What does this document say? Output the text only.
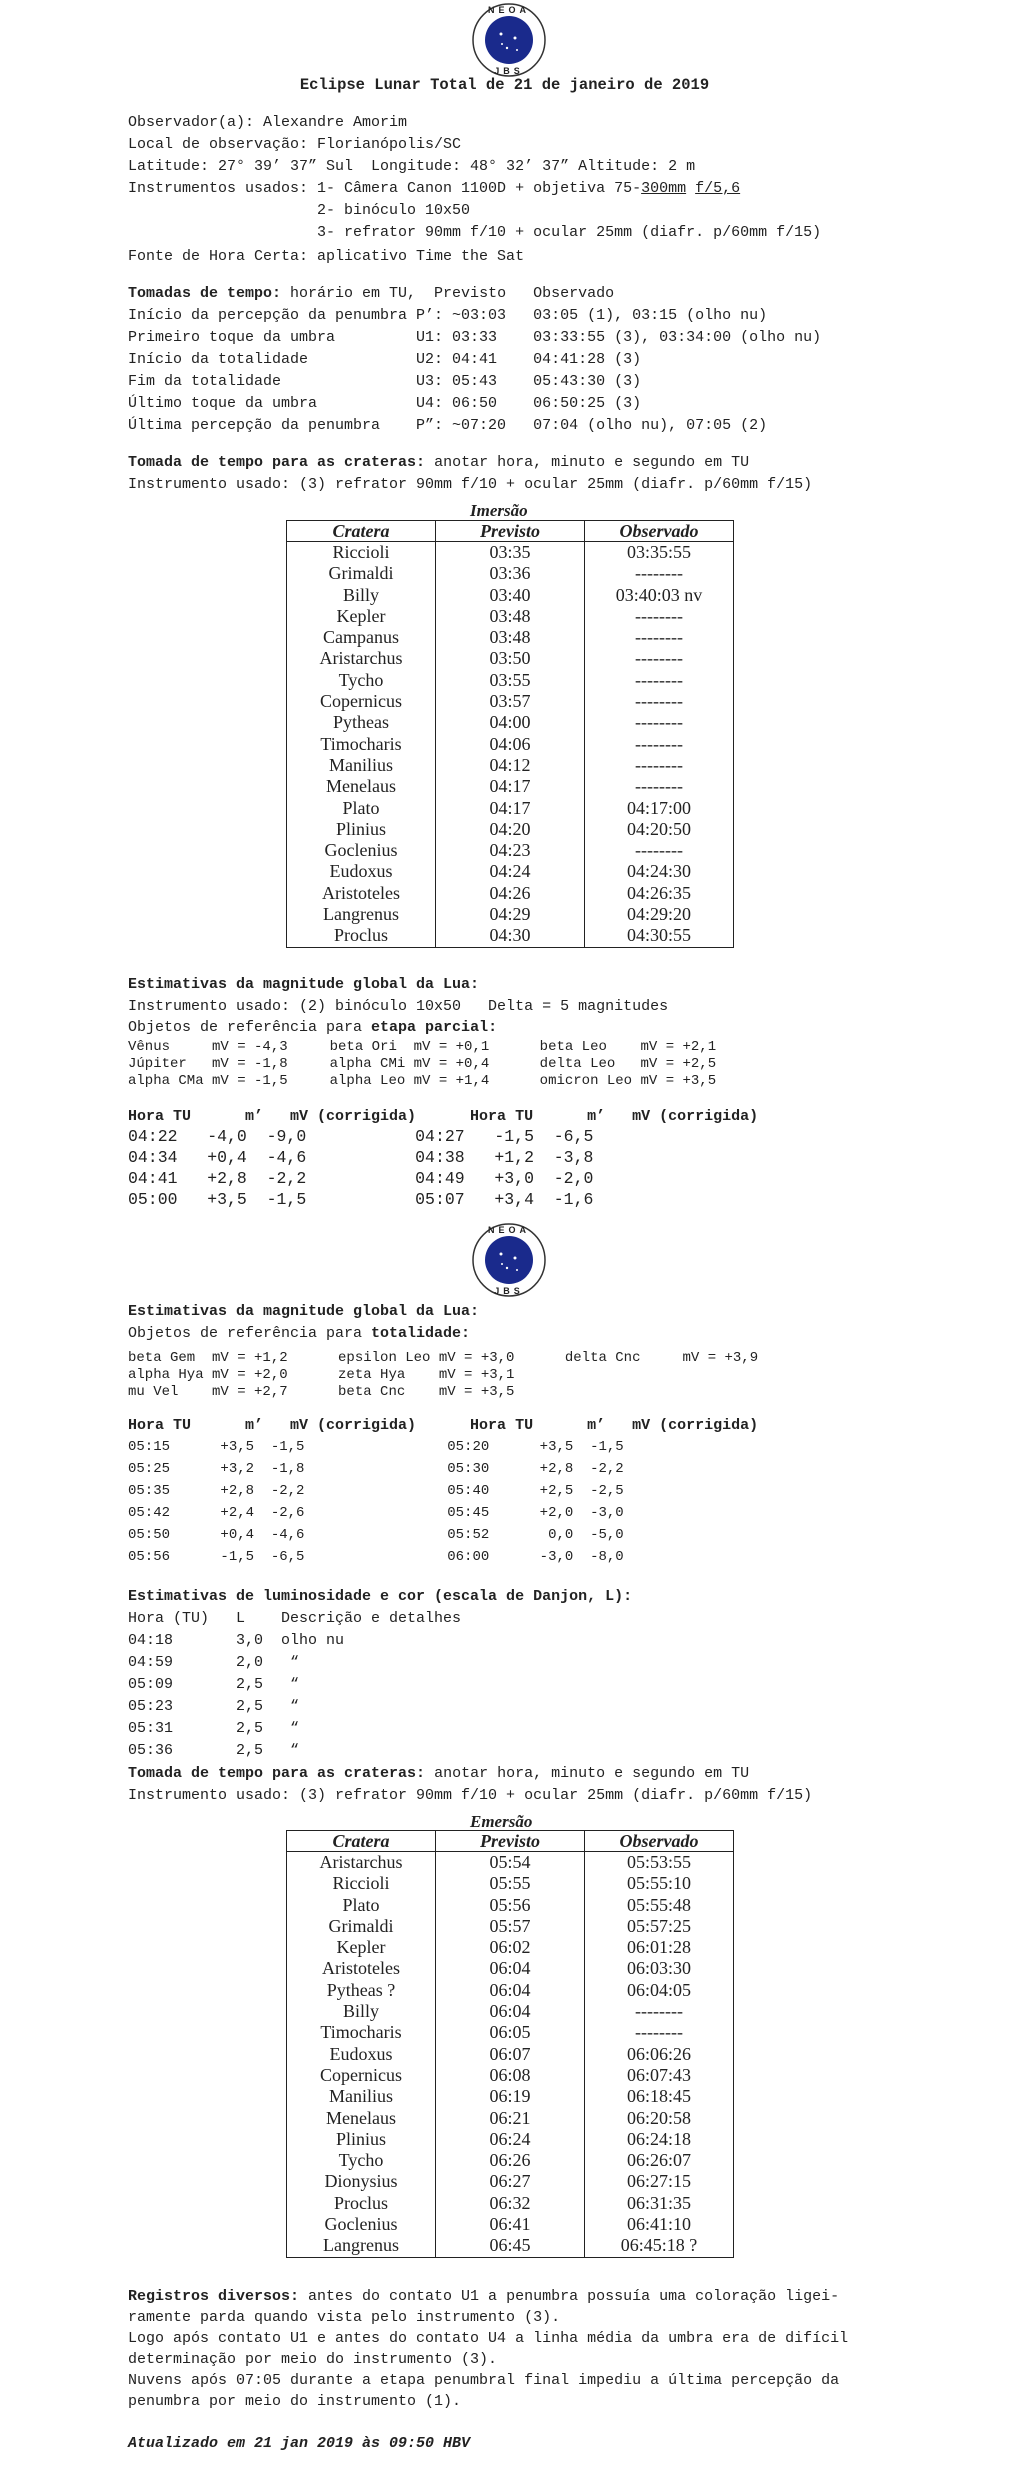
NEOA
JBS
Eclipse Lunar Total de 21 de janeiro de 2019
Observador(a): Alexandre Amorim
Local de observação: Florianópolis/SC
Latitude: 27° 39’ 37” Sul  Longitude: 48° 32’ 37” Altitude: 2 m
Instrumentos usados: 1- Câmera Canon 1100D + objetiva 75-300mm f/5,6
2- binóculo 10x50
3- refrator 90mm f/10 + ocular 25mm (diafr. p/60mm f/15)
Fonte de Hora Certa: aplicativo Time the Sat
Tomadas de tempo: horário em TU,  Previsto   Observado
Início da percepção da penumbra P’: ~03:03   03:05 (1), 03:15 (olho nu)
Primeiro toque da umbra         U1: 03:33    03:33:55 (3), 03:34:00 (olho nu)
Início da totalidade            U2: 04:41    04:41:28 (3)
Fim da totalidade               U3: 05:43    05:43:30 (3)
Último toque da umbra           U4: 06:50    06:50:25 (3)
Última percepção da penumbra    P”: ~07:20   07:04 (olho nu), 07:05 (2)
Tomada de tempo para as crateras: anotar hora, minuto e segundo em TU
Instrumento usado: (3) refrator 90mm f/10 + ocular 25mm (diafr. p/60mm f/15)
Imersão
Cratera	Previsto	Observado
Riccioli	03:35	03:35:55
Grimaldi	03:36	--------
Billy	03:40	03:40:03 nv
Kepler	03:48	--------
Campanus	03:48	--------
Aristarchus	03:50	--------
Tycho	03:55	--------
Copernicus	03:57	--------
Pytheas	04:00	--------
Timocharis	04:06	--------
Manilius	04:12	--------
Menelaus	04:17	--------
Plato	04:17	04:17:00
Plinius	04:20	04:20:50
Goclenius	04:23	--------
Eudoxus	04:24	04:24:30
Aristoteles	04:26	04:26:35
Langrenus	04:29	04:29:20
Proclus	04:30	04:30:55
Estimativas da magnitude global da Lua:
Instrumento usado: (2) binóculo 10x50   Delta = 5 magnitudes
Objetos de referência para etapa parcial:
Vênus     mV = -4,3     beta Ori  mV = +0,1      beta Leo    mV = +2,1
Júpiter   mV = -1,8     alpha CMi mV = +0,4      delta Leo   mV = +2,5
alpha CMa mV = -1,5     alpha Leo mV = +1,4      omicron Leo mV = +3,5
Hora TU      m’   mV (corrigida)      Hora TU      m’   mV (corrigida)
04:22   -4,0  -9,0           04:27   -1,5  -6,5
04:34   +0,4  -4,6           04:38   +1,2  -3,8
04:41   +2,8  -2,2           04:49   +3,0  -2,0
05:00   +3,5  -1,5           05:07   +3,4  -1,6
NEOA
JBS
Estimativas da magnitude global da Lua:
Objetos de referência para totalidade:
beta Gem  mV = +1,2      epsilon Leo mV = +3,0      delta Cnc     mV = +3,9
alpha Hya mV = +2,0      zeta Hya    mV = +3,1
mu Vel    mV = +2,7      beta Cnc    mV = +3,5
Hora TU      m’   mV (corrigida)      Hora TU      m’   mV (corrigida)
05:15      +3,5  -1,5                 05:20      +3,5  -1,5
05:25      +3,2  -1,8                 05:30      +2,8  -2,2
05:35      +2,8  -2,2                 05:40      +2,5  -2,5
05:42      +2,4  -2,6                 05:45      +2,0  -3,0
05:50      +0,4  -4,6                 05:52       0,0  -5,0
05:56      -1,5  -6,5                 06:00      -3,0  -8,0
Estimativas de luminosidade e cor (escala de Danjon, L):
Hora (TU)   L    Descrição e detalhes
04:18       3,0  olho nu
04:59       2,0   “
05:09       2,5   “
05:23       2,5   “
05:31       2,5   “
05:36       2,5   “
Tomada de tempo para as crateras: anotar hora, minuto e segundo em TU
Instrumento usado: (3) refrator 90mm f/10 + ocular 25mm (diafr. p/60mm f/15)
Emersão
Cratera	Previsto	Observado
Aristarchus	05:54	05:53:55
Riccioli	05:55	05:55:10
Plato	05:56	05:55:48
Grimaldi	05:57	05:57:25
Kepler	06:02	06:01:28
Aristoteles	06:04	06:03:30
Pytheas ?	06:04	06:04:05
Billy	06:04	--------
Timocharis	06:05	--------
Eudoxus	06:07	06:06:26
Copernicus	06:08	06:07:43
Manilius	06:19	06:18:45
Menelaus	06:21	06:20:58
Plinius	06:24	06:24:18
Tycho	06:26	06:26:07
Dionysius	06:27	06:27:15
Proclus	06:32	06:31:35
Goclenius	06:41	06:41:10
Langrenus	06:45	06:45:18 ?
Registros diversos: antes do contato U1 a penumbra possuía uma coloração ligei-
ramente parda quando vista pelo instrumento (3).
Logo após contato U1 e antes do contato U4 a linha média da umbra era de difícil
determinação por meio do instrumento (3).
Nuvens após 07:05 durante a etapa penumbral final impediu a última percepção da
penumbra por meio do instrumento (1).
Atualizado em 21 jan 2019 às 09:50 HBV
